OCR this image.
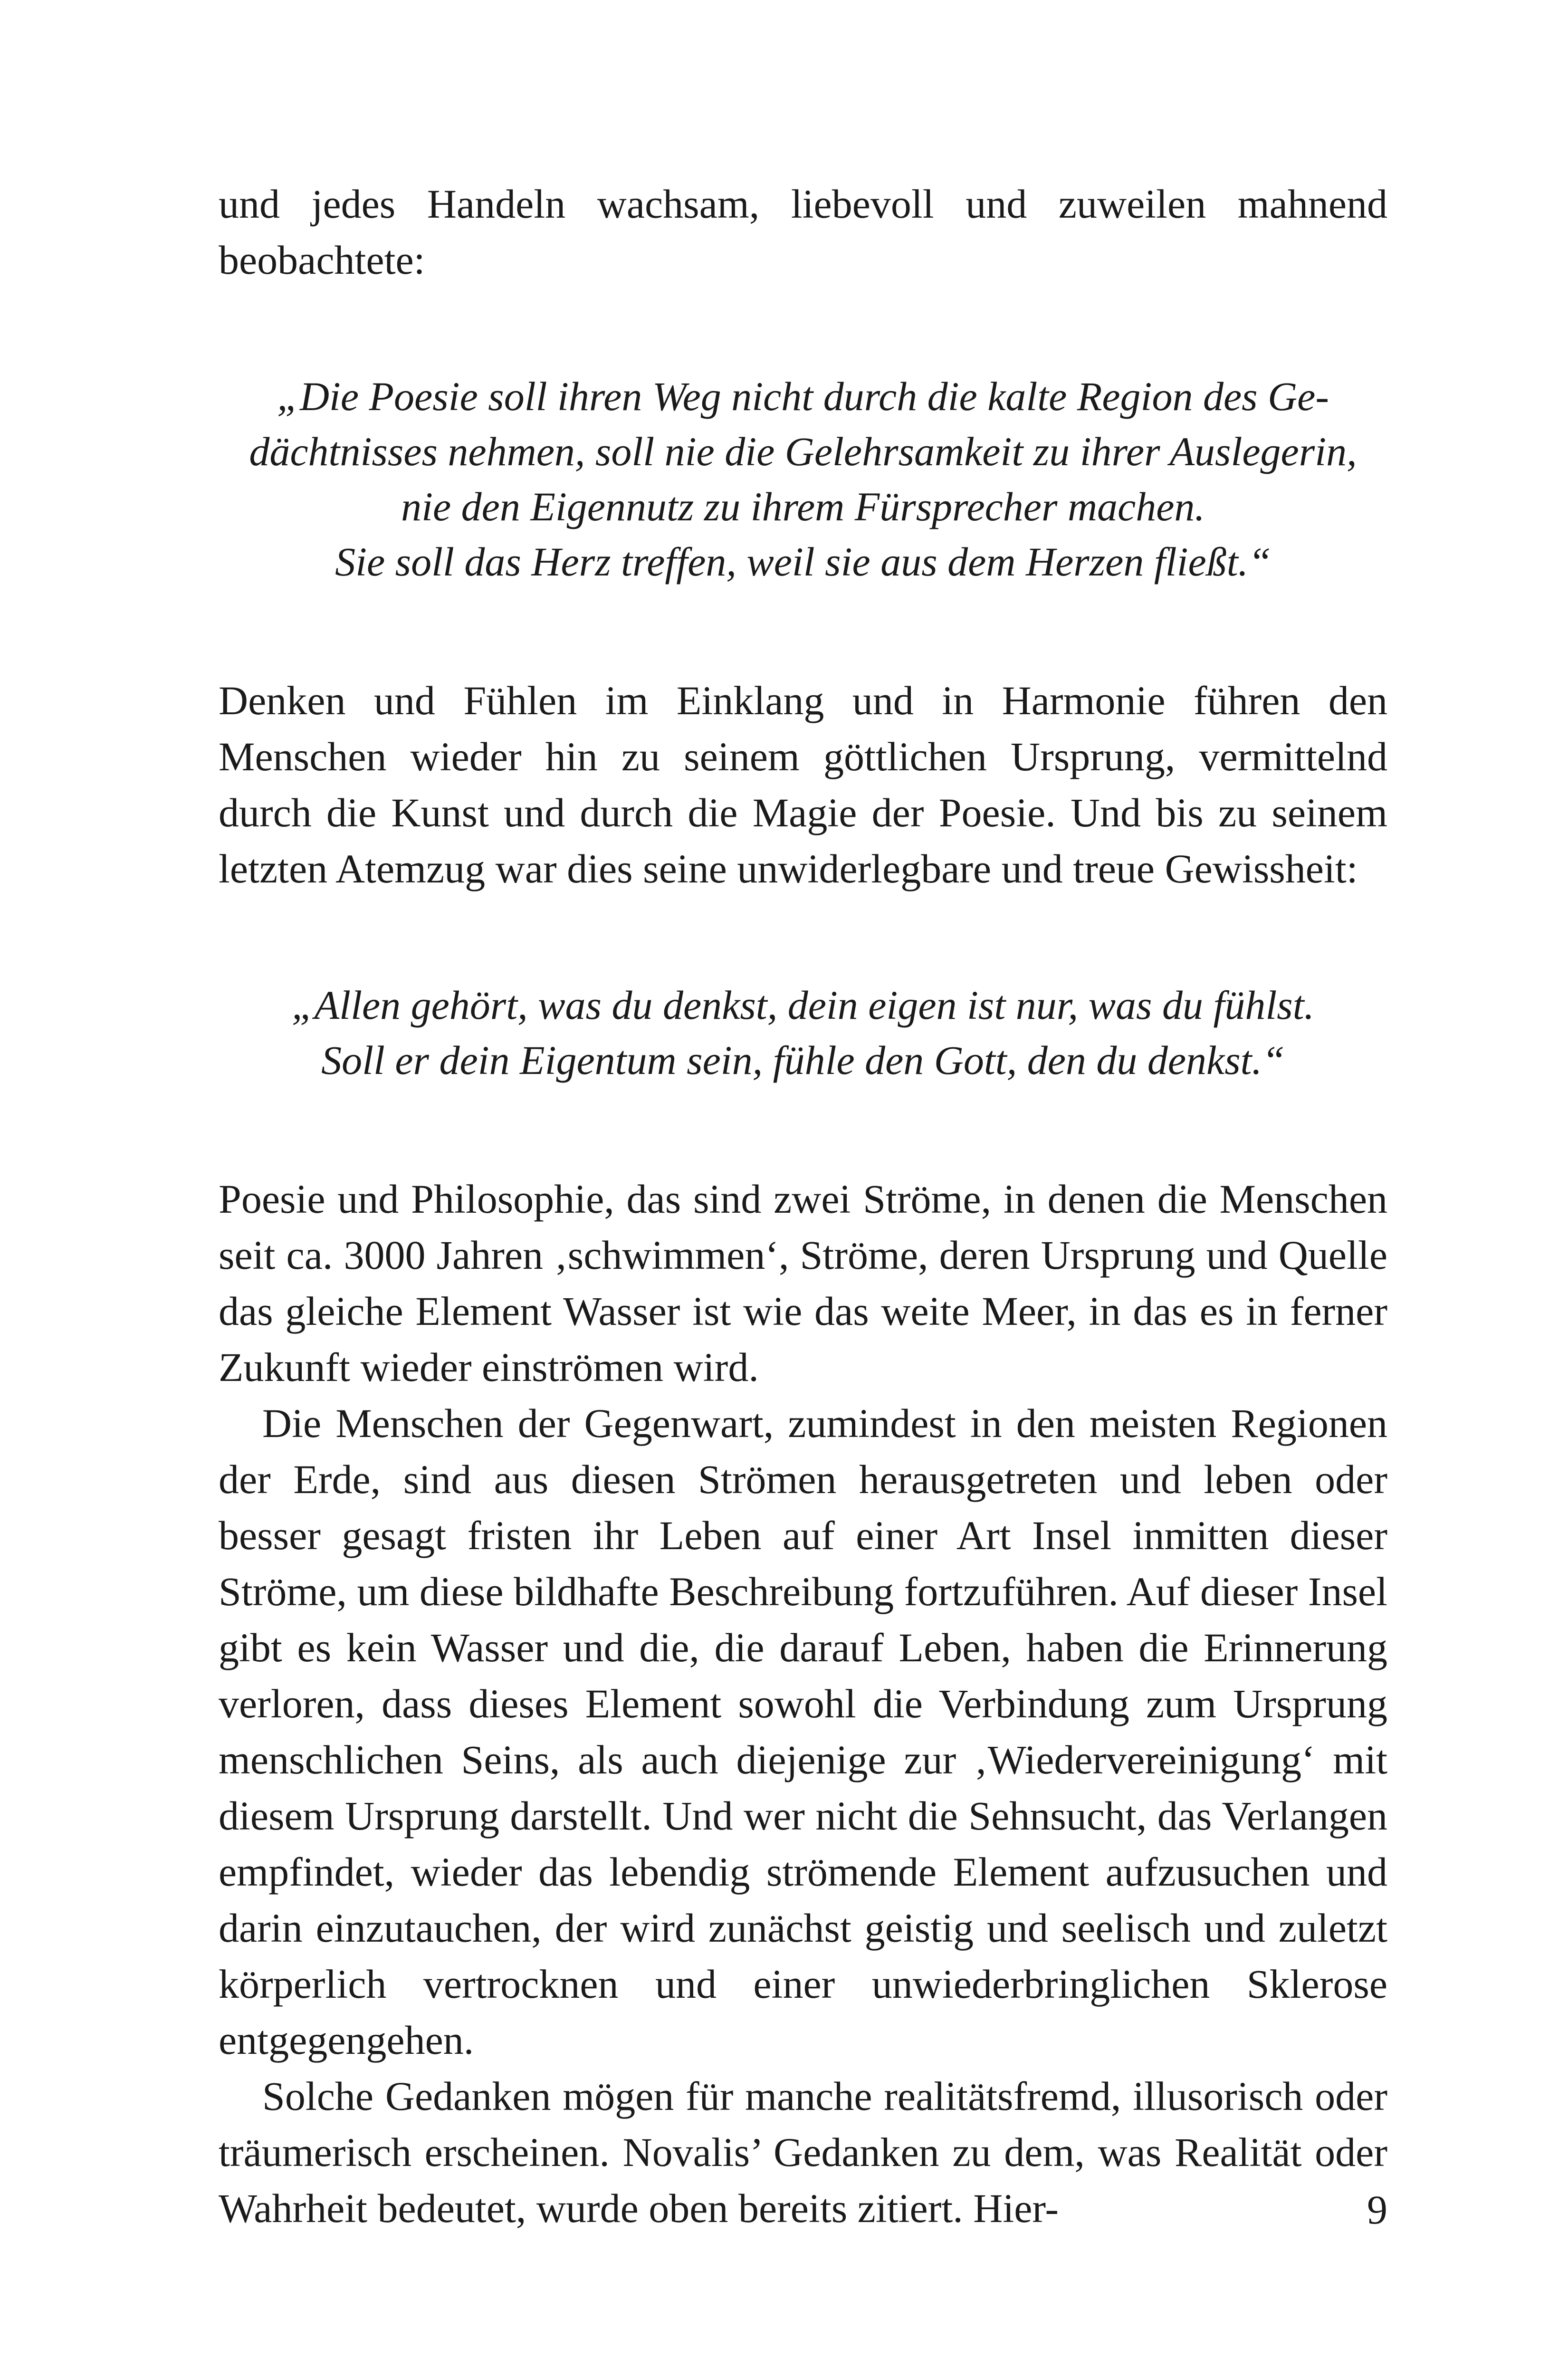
und jedes Handeln wachsam, liebevoll und zuweilen mahnend beobachtete:

„Die Poesie soll ihren Weg nicht durch die kalte Region des Ge-
dächtnisses nehmen, soll nie die Gelehrsamkeit zu ihrer Auslegerin,
nie den Eigennutz zu ihrem Fürsprecher machen.
Sie soll das Herz treffen, weil sie aus dem Herzen fließt.“

Denken und Fühlen im Einklang und in Harmonie führen den Menschen wieder hin zu seinem göttlichen Ursprung, vermittelnd durch die Kunst und durch die Magie der Poesie. Und bis zu seinem letzten Atemzug war dies seine unwiderlegbare und treue Gewissheit:

„Allen gehört, was du denkst, dein eigen ist nur, was du fühlst.
Soll er dein Eigentum sein, fühle den Gott, den du denkst.“

Poesie und Philosophie, das sind zwei Ströme, in denen die Menschen seit ca. 3000 Jahren ‚schwimmen‘, Ströme, deren Ursprung und Quelle das gleiche Element Wasser ist wie das weite Meer, in das es in ferner Zukunft wieder einströmen wird.

Die Menschen der Gegenwart, zumindest in den meisten Regionen der Erde, sind aus diesen Strömen herausgetreten und leben oder besser gesagt fristen ihr Leben auf einer Art Insel inmitten dieser Ströme, um diese bildhafte Beschreibung fortzuführen. Auf dieser Insel gibt es kein Wasser und die, die darauf Leben, haben die Erinnerung verloren, dass dieses Element sowohl die Verbindung zum Ursprung menschlichen Seins, als auch diejenige zur ‚Wiedervereinigung‘ mit diesem Ursprung darstellt. Und wer nicht die Sehnsucht, das Verlangen empfindet, wieder das lebendig strömende Element aufzusuchen und darin einzutauchen, der wird zunächst geistig und seelisch und zuletzt körperlich vertrocknen und einer unwiederbringlichen Sklerose entgegengehen.

Solche Gedanken mögen für manche realitätsfremd, illusorisch oder träumerisch erscheinen. Novalis’ Gedanken zu dem, was Realität oder Wahrheit bedeutet, wurde oben bereits zitiert. Hier-	9
